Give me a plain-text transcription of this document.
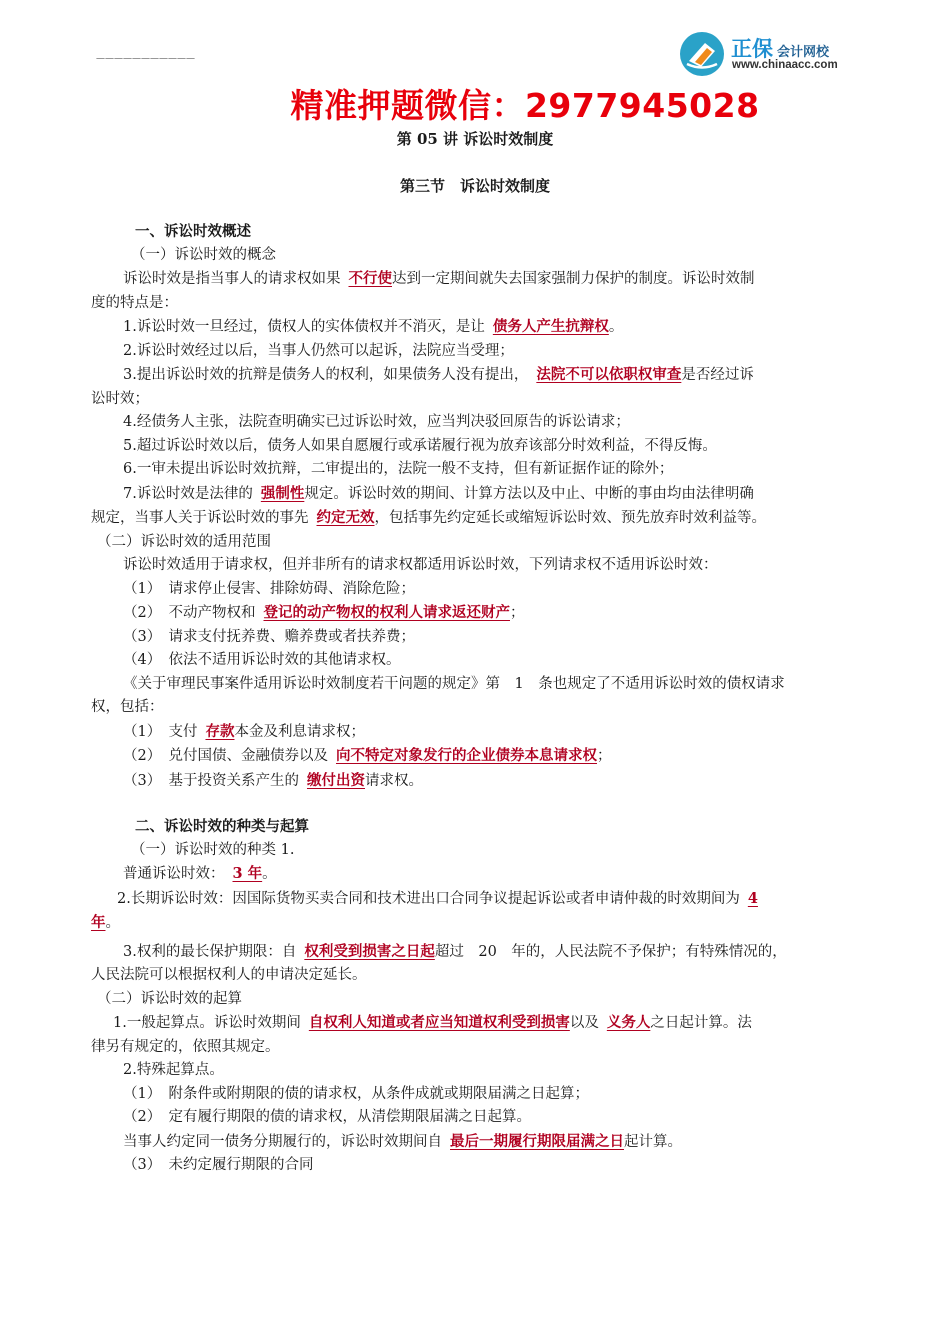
———————————	正保 会计网校
www.chinaacc.com
精准押题微信：2977945028
第 05 讲 诉讼时效制度
第三节　诉讼时效制度

一、诉讼时效概述

（一）诉讼时效的概念

诉讼时效是指当事人的请求权如果 不行使达到一定期间就失去国家强制力保护的制度。诉讼时效制

度的特点是：

1.诉讼时效一旦经过，债权人的实体债权并不消灭，是让 债务人产生抗辩权。

2.诉讼时效经过以后，当事人仍然可以起诉，法院应当受理；

3.提出诉讼时效的抗辩是债务人的权利，如果债务人没有提出， 法院不可以依职权审查是否经过诉

讼时效；

4.经债务人主张，法院查明确实已过诉讼时效，应当判决驳回原告的诉讼请求；

5.超过诉讼时效以后，债务人如果自愿履行或承诺履行视为放弃该部分时效利益，不得反悔。

6.一审未提出诉讼时效抗辩，二审提出的，法院一般不支持，但有新证据作证的除外；

7.诉讼时效是法律的 强制性规定。诉讼时效的期间、计算方法以及中止、中断的事由均由法律明确

规定，当事人关于诉讼时效的事先 约定无效，包括事先约定延长或缩短诉讼时效、预先放弃时效利益等。

（二）诉讼时效的适用范围

诉讼时效适用于请求权，但并非所有的请求权都适用诉讼时效，下列请求权不适用诉讼时效：

（1）　请求停止侵害、排除妨碍、消除危险；

（2）　不动产物权和 登记的动产物权的权利人请求返还财产；

（3）　请求支付抚养费、赡养费或者扶养费；

（4）　依法不适用诉讼时效的其他请求权。

《关于审理民事案件适用诉讼时效制度若干问题的规定》第　1　条也规定了不适用诉讼时效的债权请求

权，包括：

（1）　支付 存款本金及利息请求权；

（2）　兑付国债、金融债券以及 向不特定对象发行的企业债券本息请求权；

（3）　基于投资关系产生的 缴付出资请求权。

二、诉讼时效的种类与起算

（一）诉讼时效的种类 1.

普通诉讼时效： 3 年。

2.长期诉讼时效：因国际货物买卖合同和技术进出口合同争议提起诉讼或者申请仲裁的时效期间为 4

年。

3.权利的最长保护期限：自 权利受到损害之日起超过　20　年的，人民法院不予保护；有特殊情况的，

人民法院可以根据权利人的申请决定延长。

（二）诉讼时效的起算

1.一般起算点。诉讼时效期间 自权利人知道或者应当知道权利受到损害以及 义务人之日起计算。法

律另有规定的，依照其规定。

2.特殊起算点。

（1）　附条件或附期限的债的请求权，从条件成就或期限届满之日起算；

（2）　定有履行期限的债的请求权，从清偿期限届满之日起算。

当事人约定同一债务分期履行的，诉讼时效期间自 最后一期履行期限届满之日起计算。

（3）　未约定履行期限的合同
